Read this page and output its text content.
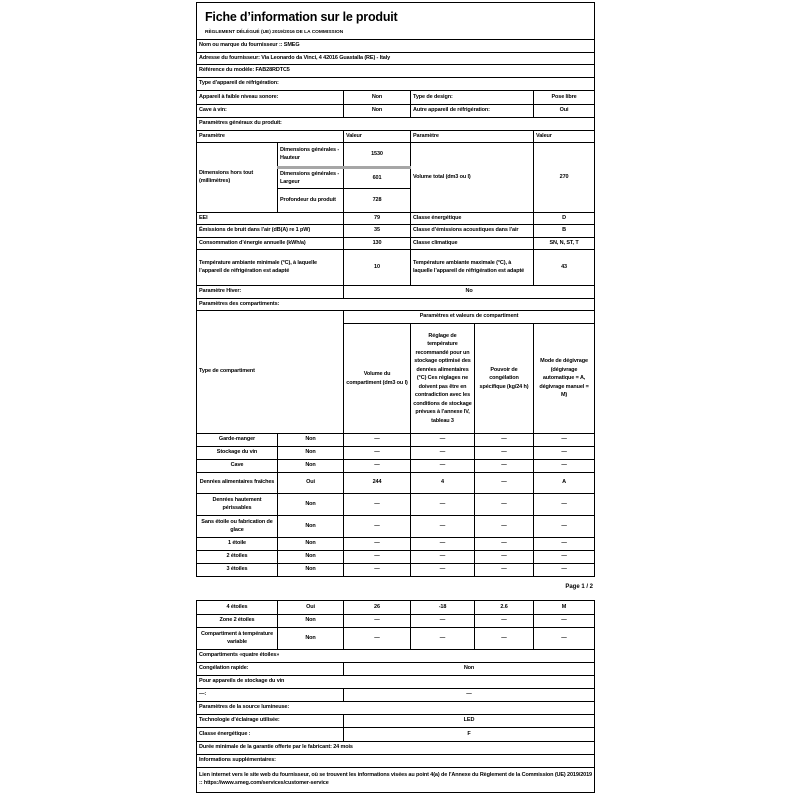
Fiche d’information sur le produit
RÈGLEMENT DÉLÉGUÉ (UE) 2019/2016 DE LA COMMISSION					

Nom ou marque du fournisseur :: SMEG					
Adresse du fournisseur: Via Leonardo da Vinci, 4 42016 Guastalla (RE) - Italy					
Référence du modèle: FAB28RDTC5					
Type d’appareil de réfrigération:					
Appareil à faible niveau sonore:		Non	Type de design:		Pose libre
Cave à vin:		Non	Autre appareil de réfrigération:		Oui
Paramètres généraux du produit:					
Paramètre		Valeur	Paramètre		Valeur
Dimensions hors tout (millimètres)	Dimensions générales - Hauteur	1530	Volume total (dm3 ou l)		270
	Dimensions générales - Largeur	601			
	Profondeur du produit	728			
EEI		79	Classe énergétique		D
Émissions de bruit dans l’air (dB(A) re 1 pW)		35	Classe d’émissions acoustiques dans l’air		B
Consommation d’énergie annuelle (kWh/a)		130	Classe climatique		SN, N, ST, T
Température ambiante minimale (°C), à laquelle l’appareil de réfrigération est adapté		10	Température ambiante maximale (°C), à laquelle l’appareil de réfrigération est adapté		43
Paramètre Hiver:		No			
Paramètres des compartiments:					
Type de compartiment		Paramètres et valeurs de compartiment			
		Volume du compartiment (dm3 ou l)	Réglage de température recommandé pour un stockage optimisé des denrées alimentaires (°C) Ces réglages ne doivent pas être en contradiction avec les conditions de stockage prévues à l’annexe IV, tableau 3	Pouvoir de congélation spécifique (kg/24 h)	Mode de dégivrage (dégivrage automatique = A, dégivrage manuel = M)
Garde-manger	Non	—	—	—	—
Stockage du vin	Non	—	—	—	—
Cave	Non	—	—	—	—
Denrées alimentaires fraîches	Oui	244	4	—	A
Denrées hautement périssables	Non	—	—	—	—
Sans étoile ou fabrication de glace	Non	—	—	—	—
1 étoile	Non	—	—	—	—
2 étoiles	Non	—	—	—	—
3 étoiles	Non	—	—	—	—
Page 1 / 2
4 étoiles	Oui	26	-18	2.6	M
Zone 2 étoiles	Non	—	—	—	—
Compartiment à température variable	Non	—	—	—	—
Compartiments «quatre étoiles»					
Congélation rapide:		Non			
Pour appareils de stockage du vin					
—:		—			
Paramètres de la source lumineuse:					
Technologie d’éclairage utilisée:		LED			
Classe énergétique :		F			
Durée minimale de la garantie offerte par le fabricant: 24 mois					
Informations supplémentaires:					
Lien internet vers le site web du fournisseur, où se trouvent les informations visées au point 4(a) de l’Annexe du Règlement de la Commission (UE) 2019/2019 :: https://www.smeg.com/services/customer-service					
